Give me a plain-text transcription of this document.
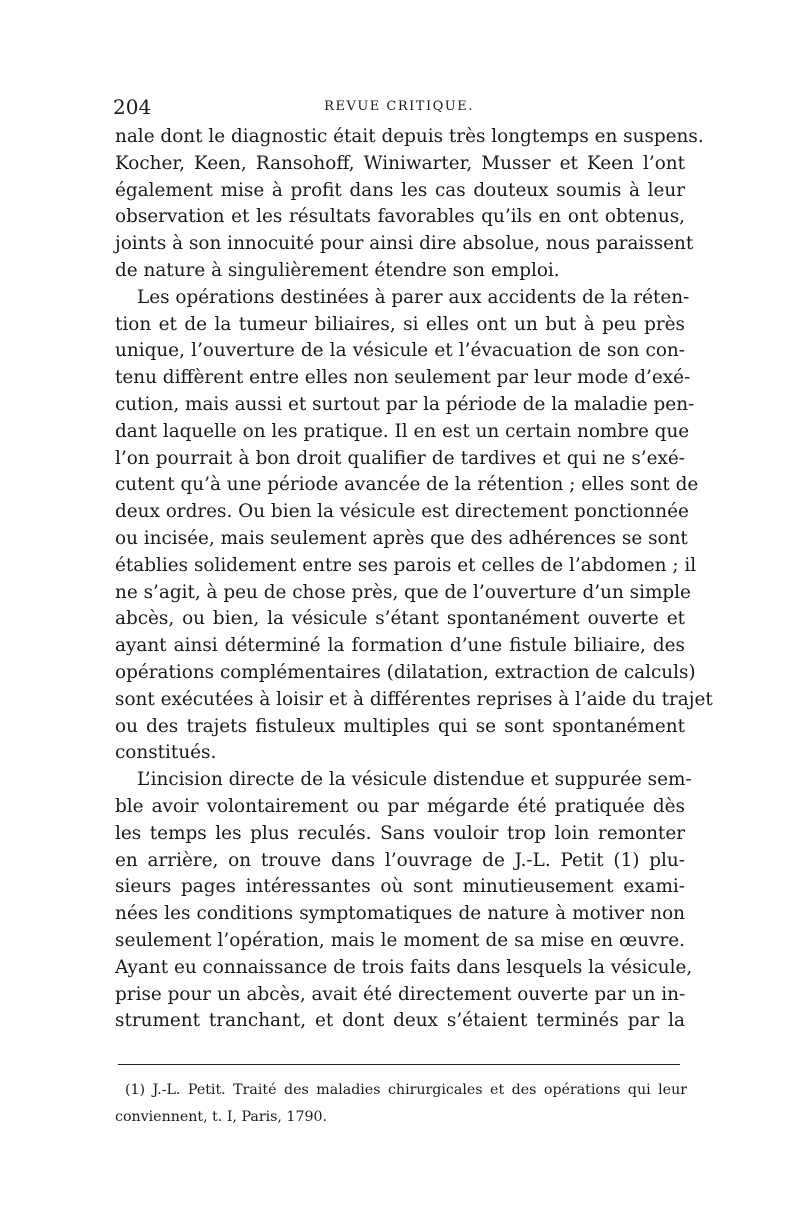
204	REVUE CRITIQUE.
nale dont le diagnostic était depuis très longtemps en suspens.
Kocher, Keen, Ransohoff, Winiwarter, Musser et Keen l’ont
également mise à profit dans les cas douteux soumis à leur
observation et les résultats favorables qu’ils en ont obtenus,
joints à son innocuité pour ainsi dire absolue, nous paraissent
de nature à singulièrement étendre son emploi.
Les opérations destinées à parer aux accidents de la réten-
tion et de la tumeur biliaires, si elles ont un but à peu près
unique, l’ouverture de la vésicule et l’évacuation de son con-
tenu diffèrent entre elles non seulement par leur mode d’exé-
cution, mais aussi et surtout par la période de la maladie pen-
dant laquelle on les pratique. Il en est un certain nombre que
l’on pourrait à bon droit qualifier de tardives et qui ne s’exé-
cutent qu’à une période avancée de la rétention ; elles sont de
deux ordres. Ou bien la vésicule est directement ponctionnée
ou incisée, mais seulement après que des adhérences se sont
établies solidement entre ses parois et celles de l’abdomen ; il
ne s’agit, à peu de chose près, que de l’ouverture d’un simple
abcès, ou bien, la vésicule s’étant spontanément ouverte et
ayant ainsi déterminé la formation d’une fistule biliaire, des
opérations complémentaires (dilatation, extraction de calculs)
sont exécutées à loisir et à différentes reprises à l’aide du trajet
ou des trajets fistuleux multiples qui se sont spontanément
constitués.
L’incision directe de la vésicule distendue et suppurée sem-
ble avoir volontairement ou par mégarde été pratiquée dès
les temps les plus reculés. Sans vouloir trop loin remonter
en arrière, on trouve dans l’ouvrage de J.-L. Petit (1) plu-
sieurs pages intéressantes où sont minutieusement exami-
nées les conditions symptomatiques de nature à motiver non
seulement l’opération, mais le moment de sa mise en œuvre.
Ayant eu connaissance de trois faits dans lesquels la vésicule,
prise pour un abcès, avait été directement ouverte par un in-
strument tranchant, et dont deux s’étaient terminés par la
(1) J.-L. Petit. Traité des maladies chirurgicales et des opérations qui leur
conviennent, t. I, Paris, 1790.
